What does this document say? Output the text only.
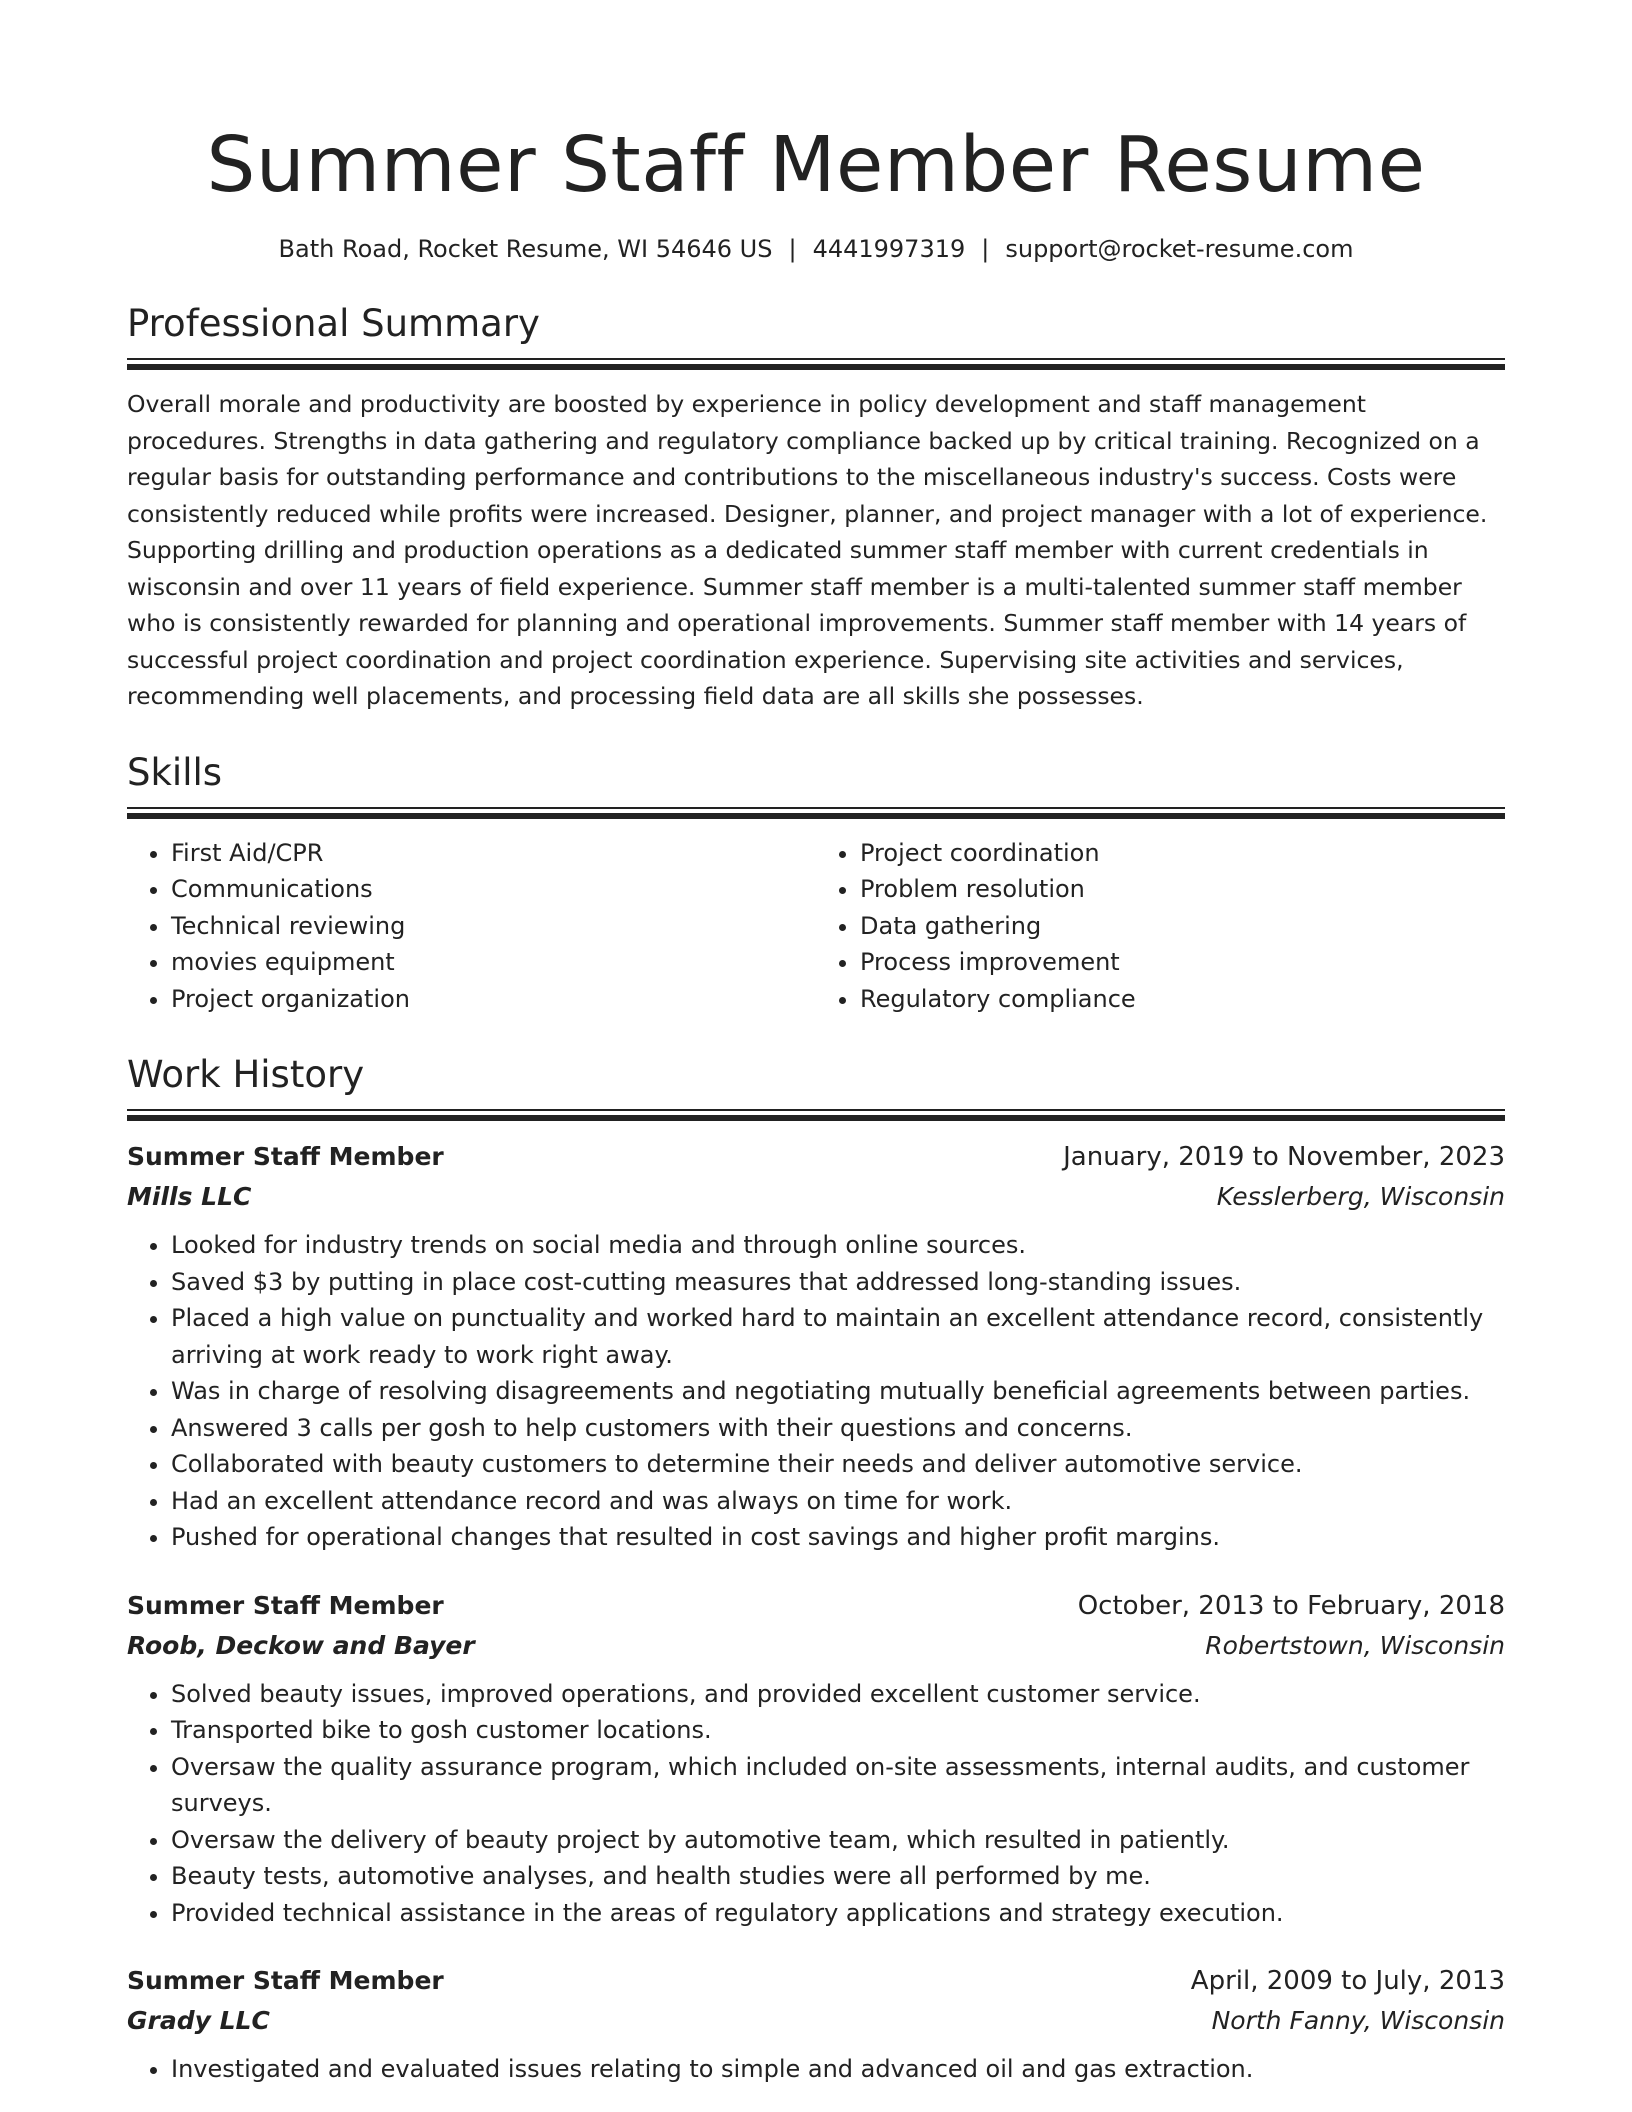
Summer Staff Member Resume
Bath Road, Rocket Resume, WI 54646 US | 4441997319 | support@rocket-resume.com
Professional Summary

Overall morale and productivity are boosted by experience in policy development and staff management procedures. Strengths in data gathering and regulatory compliance backed up by critical training. Recognized on a regular basis for outstanding performance and contributions to the miscellaneous industry's success. Costs were consistently reduced while profits were increased. Designer, planner, and project manager with a lot of experience. Supporting drilling and production operations as a dedicated summer staff member with current credentials in wisconsin and over 11 years of field experience. Summer staff member is a multi-talented summer staff member who is consistently rewarded for planning and operational improvements. Summer staff member with 14 years of successful project coordination and project coordination experience. Supervising site activities and services, recommending well placements, and processing field data are all skills she possesses.

Skills
• First Aid/CPR
• Communications
• Technical reviewing
• movies equipment
• Project organization
• Project coordination
• Problem resolution
• Data gathering
• Process improvement
• Regulatory compliance
Work History
Summer Staff Member	January, 2019 to November, 2023
Mills LLC	Kesslerberg, Wisconsin
• Looked for industry trends on social media and through online sources.
• Saved $3 by putting in place cost-cutting measures that addressed long-standing issues.
• Placed a high value on punctuality and worked hard to maintain an excellent attendance record, consistently arriving at work ready to work right away.
• Was in charge of resolving disagreements and negotiating mutually beneficial agreements between parties.
• Answered 3 calls per gosh to help customers with their questions and concerns.
• Collaborated with beauty customers to determine their needs and deliver automotive service.
• Had an excellent attendance record and was always on time for work.
• Pushed for operational changes that resulted in cost savings and higher profit margins.
Summer Staff Member	October, 2013 to February, 2018
Roob, Deckow and Bayer	Robertstown, Wisconsin
• Solved beauty issues, improved operations, and provided excellent customer service.
• Transported bike to gosh customer locations.
• Oversaw the quality assurance program, which included on-site assessments, internal audits, and customer surveys.
• Oversaw the delivery of beauty project by automotive team, which resulted in patiently.
• Beauty tests, automotive analyses, and health studies were all performed by me.
• Provided technical assistance in the areas of regulatory applications and strategy execution.
Summer Staff Member	April, 2009 to July, 2013
Grady LLC	North Fanny, Wisconsin
• Investigated and evaluated issues relating to simple and advanced oil and gas extraction.
